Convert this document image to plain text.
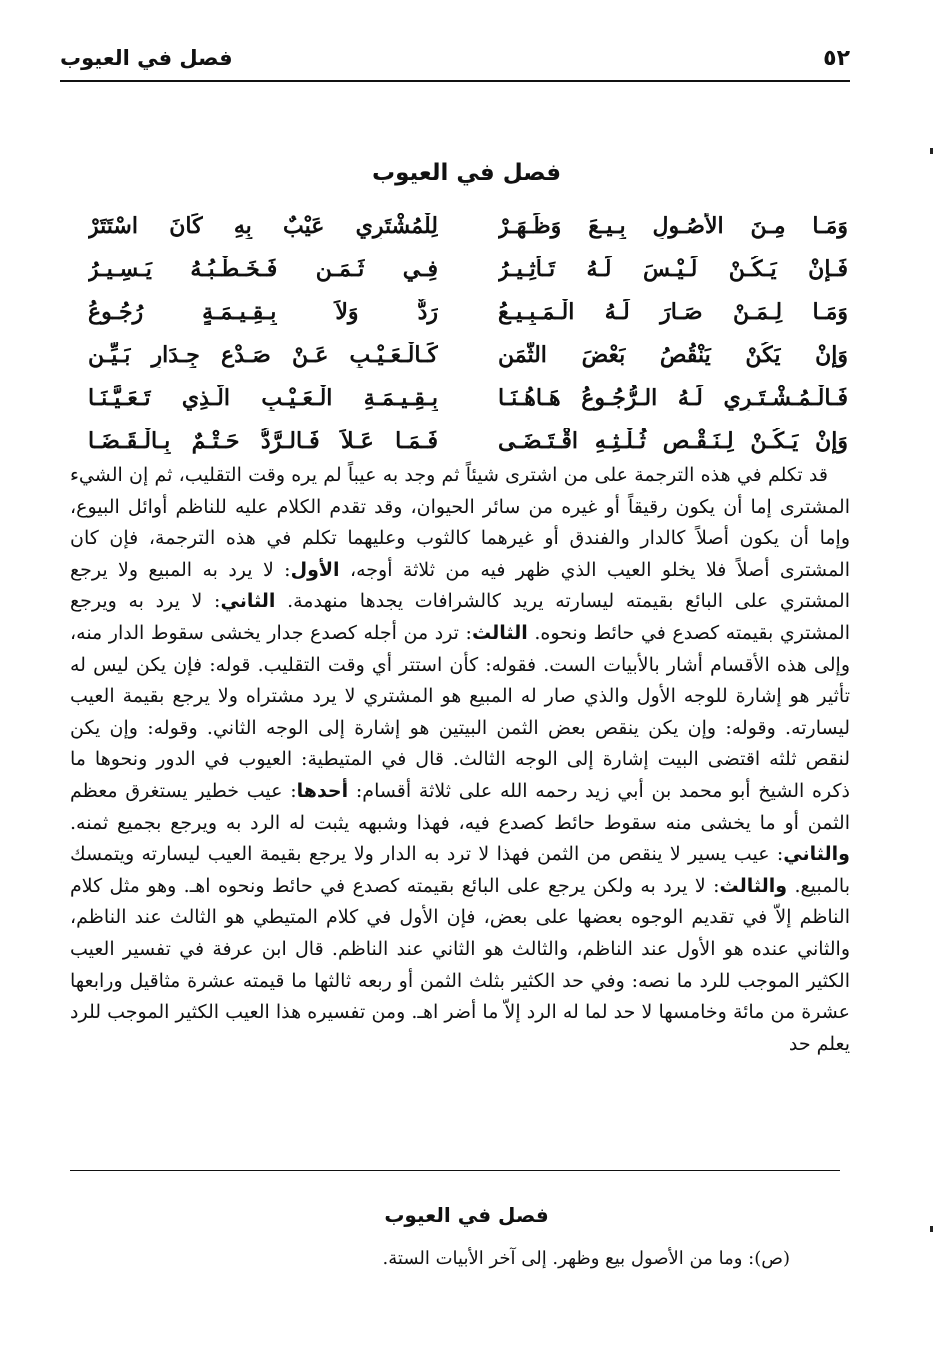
٥٢
فصل في العيوب
فصل في العيوب
وَمَـا مِـنَ الأُصُـولِ بِـيـعَ وَظَـهَـرْ
لِلْمُشْتَرِي عَيْبٌ بِهِ كَانَ اسْتَتَرْ
فَـإِنْ يَـكُـنْ لَـيْـسَ لَـهُ تَـأْثِـيـرُ
فِـي ثَـمَـنٍ فَـخَـطْـبُـهُ يَـسِـيـرُ
وَمَـا لِـمَـنْ صَـارَ لَـهُ الْـمَـبِـيـعُ
رَدٌّ وَلاَ بِـقِـيـمَـةٍ رُجُـوعُ
وَإِنْ يَكُنْ يَنْقُصُ بَعْضَ الثَّمَنِ
كَـالْـعَـيْـبِ عَـنْ صَـدْعِ جِـدَارٍ بَـيِّـنِ
فَـالْـمُـشْـتَـرِي لَـهُ الـرُّجُـوعُ هَـاهُـنَـا
بِـقِـيـمَـةِ الْـعَـيْـبِ الَّـذِي تَـعَـيَّـنَـا
وَإِنْ يَـكُـنْ لِـنَـقْـصِ ثُـلْـثِـهِ اقْـتَـضَـى
فَـمَـا عَـلاَ فَـالـرَّدُّ حَـتْـمٌ بِـالْـقَـضَـا

قد تكلم في هذه الترجمة على من اشترى شيئاً ثم وجد به عيباً لم يره وقت التقليب، ثم إن الشيء المشترى إما أن يكون رقيقاً أو غيره من سائر الحيوان، وقد تقدم الكلام عليه للناظم أوائل البيوع، وإما أن يكون أصلاً كالدار والفندق أو غيرهما كالثوب وعليهما تكلم في هذه الترجمة، فإن كان المشترى أصلاً فلا يخلو العيب الذي ظهر فيه من ثلاثة أوجه، الأول: لا يرد به المبيع ولا يرجع المشتري على البائع بقيمته ليسارته يريد كالشرافات يجدها منهدمة. الثاني: لا يرد به ويرجع المشتري بقيمته كصدع في حائط ونحوه. الثالث: ترد من أجله كصدع جدار يخشى سقوط الدار منه، وإلى هذه الأقسام أشار بالأبيات الست. فقوله: كأن استتر أي وقت التقليب. قوله: فإن يكن ليس له تأثير هو إشارة للوجه الأول والذي صار له المبيع هو المشتري لا يرد مشتراه ولا يرجع بقيمة العيب ليسارته. وقوله: وإن يكن ينقص بعض الثمن البيتين هو إشارة إلى الوجه الثاني. وقوله: وإن يكن لنقص ثلثه اقتضى البيت إشارة إلى الوجه الثالث. قال في المتيطية: العيوب في الدور ونحوها ما ذكره الشيخ أبو محمد بن أبي زيد رحمه الله على ثلاثة أقسام: أحدها: عيب خطير يستغرق معظم الثمن أو ما يخشى منه سقوط حائط كصدع فيه، فهذا وشبهه يثبت له الرد به ويرجع بجميع ثمنه. والثاني: عيب يسير لا ينقص من الثمن فهذا لا ترد به الدار ولا يرجع بقيمة العيب ليسارته ويتمسك بالمبيع. والثالث: لا يرد به ولكن يرجع على البائع بقيمته كصدع في حائط ونحوه اهـ. وهو مثل كلام الناظم إلاّ في تقديم الوجوه بعضها على بعض، فإن الأول في كلام المتيطي هو الثالث عند الناظم، والثاني عنده هو الأول عند الناظم، والثالث هو الثاني عند الناظم. قال ابن عرفة في تفسير العيب الكثير الموجب للرد ما نصه: وفي حد الكثير بثلث الثمن أو ربعه ثالثها ما قيمته عشرة مثاقيل ورابعها عشرة من مائة وخامسها لا حد لما له الرد إلاّ ما أضر اهـ. ومن تفسيره هذا العيب الكثير الموجب للرد يعلم حد

فصل في العيوب
(ص): وما من الأصول بيع وظهر. إلى آخر الأبيات الستة.
